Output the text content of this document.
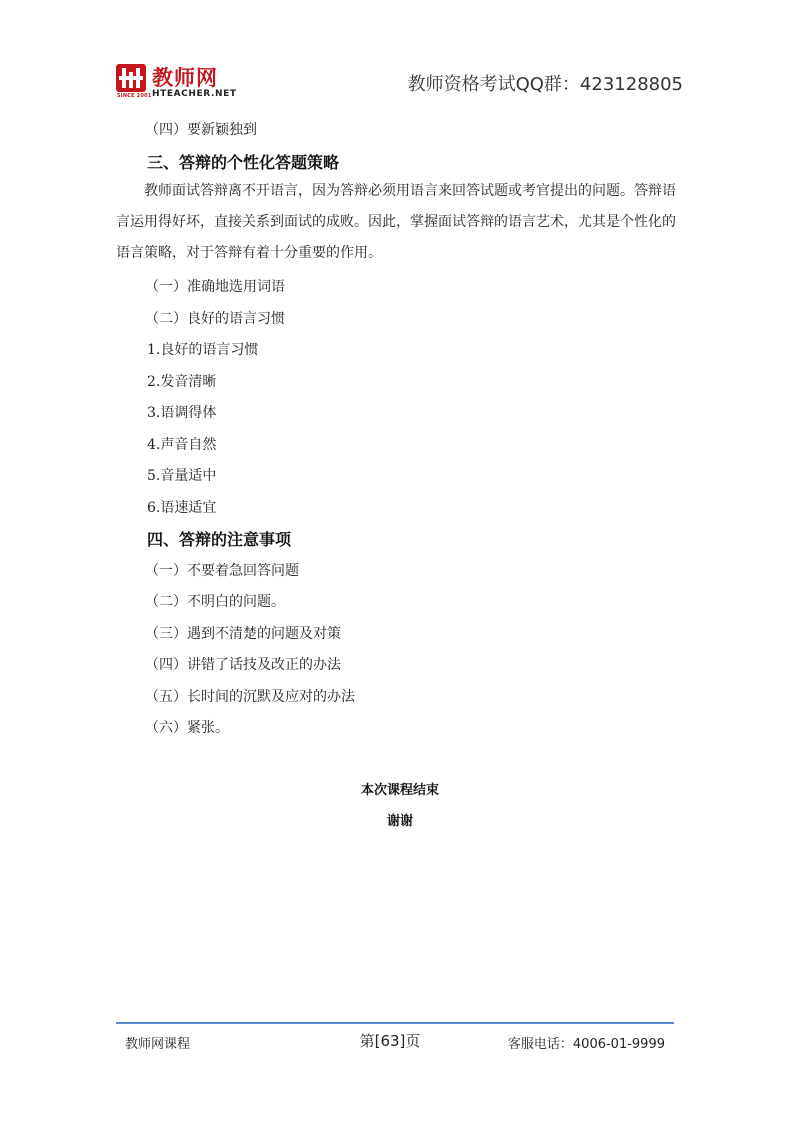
SINCE 2001
教师网
HTEACHER.NET	教师资格考试QQ群：423128805
（四）要新颖独到
三、答辩的个性化答题策略

教师面试答辩离不开语言，因为答辩必须用语言来回答试题或考官提出的问题。答辩语言运用得好坏，直接关系到面试的成败。因此，掌握面试答辩的语言艺术，尤其是个性化的语言策略，对于答辩有着十分重要的作用。

（一）准确地选用词语
（二）良好的语言习惯
1.良好的语言习惯
2.发音清晰
3.语调得体
4.声音自然
5.音量适中
6.语速适宜
四、答辩的注意事项
（一）不要着急回答问题
（二）不明白的问题。
（三）遇到不清楚的问题及对策
（四）讲错了话技及改正的办法
（五）长时间的沉默及应对的办法
（六）紧张。
本次课程结束
谢谢
教师网课程	第[63]页	客服电话：4006-01-9999
